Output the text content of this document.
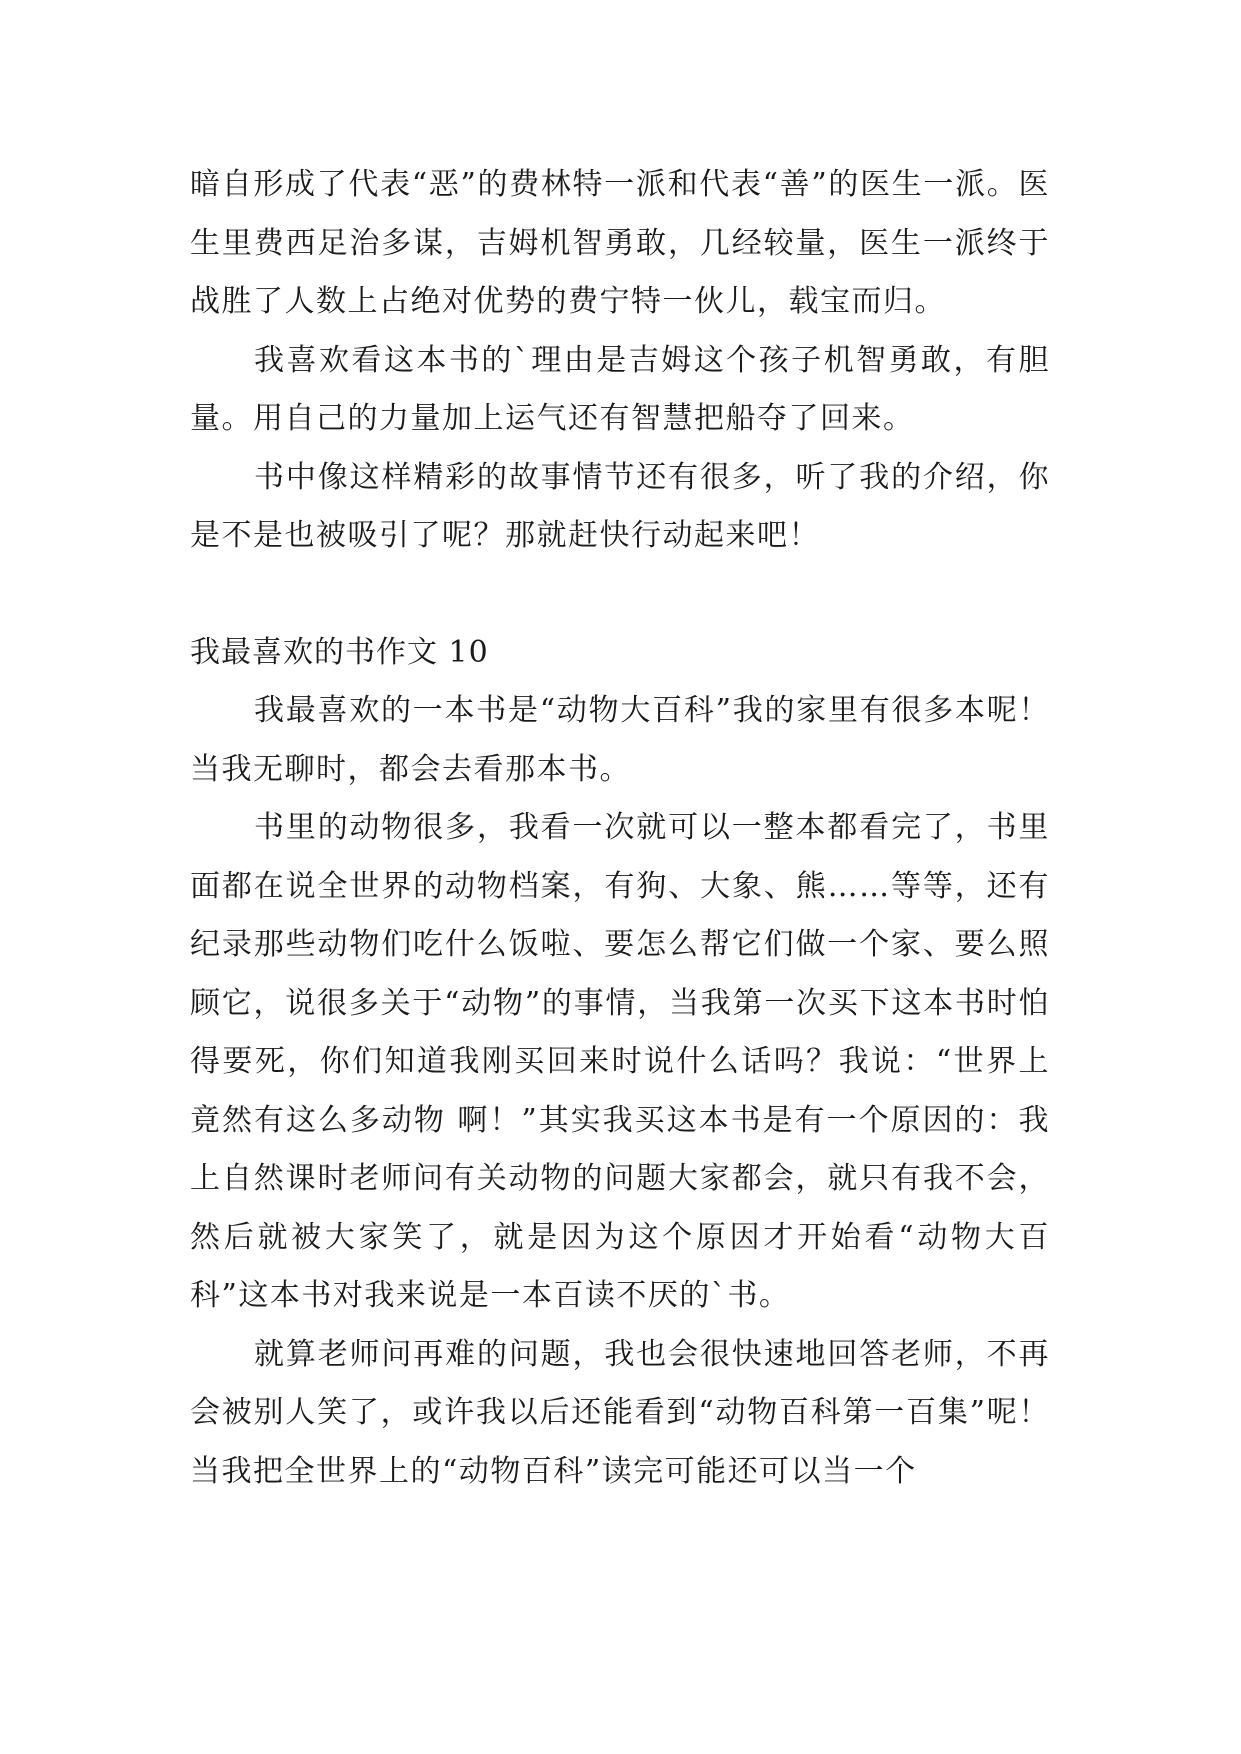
暗自形成了代表“恶”的费林特一派和代表“善”的医生一派。医生里费西足治多谋，吉姆机智勇敢，几经较量，医生一派终于战胜了人数上占绝对优势的费宁特一伙儿，载宝而归。

我喜欢看这本书的`理由是吉姆这个孩子机智勇敢，有胆量。用自己的力量加上运气还有智慧把船夺了回来。

书中像这样精彩的故事情节还有很多，听了我的介绍，你是不是也被吸引了呢？那就赶快行动起来吧！

我最喜欢的书作文 10

我最喜欢的一本书是“动物大百科”我的家里有很多本呢！当我无聊时，都会去看那本书。

书里的动物很多，我看一次就可以一整本都看完了，书里面都在说全世界的动物档案，有狗、大象、熊……等等，还有纪录那些动物们吃什么饭啦、要怎么帮它们做一个家、要么照顾它，说很多关于“动物”的事情，当我第一次买下这本书时怕得要死，你们知道我刚买回来时说什么话吗？我说：“世界上竟然有这么多动物 啊！”其实我买这本书是有一个原因的：我上自然课时老师问有关动物的问题大家都会，就只有我不会，然后就被大家笑了，就是因为这个原因才开始看“动物大百科”这本书对我来说是一本百读不厌的`书。

就算老师问再难的问题，我也会很快速地回答老师，不再会被别人笑了，或许我以后还能看到“动物百科第一百集”呢！当我把全世界上的“动物百科”读完可能还可以当一个
